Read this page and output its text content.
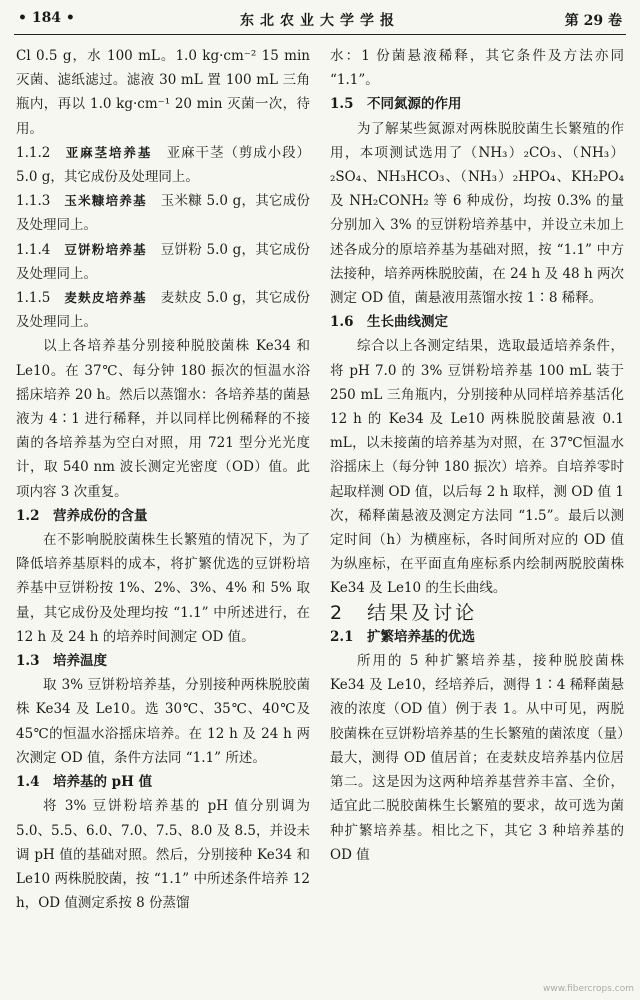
• 184 •	东北农业大学学报	第 29 卷

Cl 0.5 g，水 100 mL。1.0 kg·cm⁻² 15 min 灭菌、滤纸滤过。滤液 30 mL 置 100 mL 三角瓶内，再以 1.0 kg·cm⁻¹ 20 min 灭菌一次，待用。

1.1.2　 亚麻茎培养基　 亚麻干茎（剪成小段）5.0 g，其它成份及处理同上。

1.1.3　 玉米糠培养基　 玉米糠 5.0 g，其它成份及处理同上。

1.1.4　 豆饼粉培养基　 豆饼粉 5.0 g，其它成份及处理同上。

1.1.5　 麦麸皮培养基　 麦麸皮 5.0 g，其它成份及处理同上。

以上各培养基分别接种脱胶菌株 Ke34 和 Le10。在 37℃、每分钟 180 振次的恒温水浴摇床培养 20 h。然后以蒸馏水：各培养基的菌悬液为 4∶1 进行稀释，并以同样比例稀释的不接菌的各培养基为空白对照，用 721 型分光光度计，取 540 nm 波长测定光密度（OD）值。此项内容 3 次重复。

1.2　营养成份的含量

在不影响脱胶菌株生长繁殖的情况下，为了降低培养基原料的成本，将扩繁优选的豆饼粉培养基中豆饼粉按 1%、2%、3%、4% 和 5% 取量，其它成份及处理均按 “1.1” 中所述进行，在 12 h 及 24 h 的培养时间测定 OD 值。

1.3　培养温度

取 3% 豆饼粉培养基，分别接种两株脱胶菌株 Ke34 及 Le10。选 30℃、35℃、40℃及 45℃的恒温水浴摇床培养。在 12 h 及 24 h 两次测定 OD 值，条件方法同 “1.1” 所述。

1.4　培养基的 pH 值

将 3% 豆饼粉培养基的 pH 值分别调为 5.0、5.5、6.0、7.0、7.5、8.0 及 8.5，并设未调 pH 值的基础对照。然后，分别接种 Ke34 和 Le10 两株脱胶菌，按 “1.1” 中所述条件培养 12 h，OD 值测定系按 8 份蒸馏

水：1 份菌悬液稀释，其它条件及方法亦同 “1.1”。

1.5　不同氮源的作用

为了解某些氮源对两株脱胶菌生长繁殖的作用，本项测试选用了（NH₃）₂CO₃、（NH₃）₂SO₄、NH₃HCO₃、（NH₃）₂HPO₄、KH₂PO₄ 及 NH₂CONH₂ 等 6 种成份，均按 0.3% 的量分别加入 3% 的豆饼粉培养基中，并设立未加上述各成分的原培养基为基础对照，按 “1.1” 中方法接种，培养两株脱胶菌，在 24 h 及 48 h 两次测定 OD 值，菌悬液用蒸馏水按 1∶8 稀释。

1.6　生长曲线测定

综合以上各测定结果，选取最适培养条件，将 pH 7.0 的 3% 豆饼粉培养基 100 mL 装于 250 mL 三角瓶内，分别接种从同样培养基活化 12 h 的 Ke34 及 Le10 两株脱胶菌悬液 0.1 mL，以未接菌的培养基为对照，在 37℃恒温水浴摇床上（每分钟 180 振次）培养。自培养零时起取样测 OD 值，以后每 2 h 取样，测 OD 值 1 次，稀释菌悬液及测定方法同 “1.5”。最后以测定时间（h）为横座标，各时间所对应的 OD 值为纵座标，在平面直角座标系内绘制两脱胶菌株 Ke34 及 Le10 的生长曲线。

2　结果及讨论

2.1　扩繁培养基的优选

所用的 5 种扩繁培养基，接种脱胶菌株 Ke34 及 Le10，经培养后，测得 1∶4 稀释菌悬液的浓度（OD 值）例于表 1。从中可见，两脱胶菌株在豆饼粉培养基的生长繁殖的菌浓度（量）最大，测得 OD 值居首；在麦麸皮培养基内位居第二。这是因为这两种培养基营养丰富、全价，适宜此二脱胶菌株生长繁殖的要求，故可选为菌种扩繁培养基。相比之下，其它 3 种培养基的 OD 值

www.fibercrops.com
